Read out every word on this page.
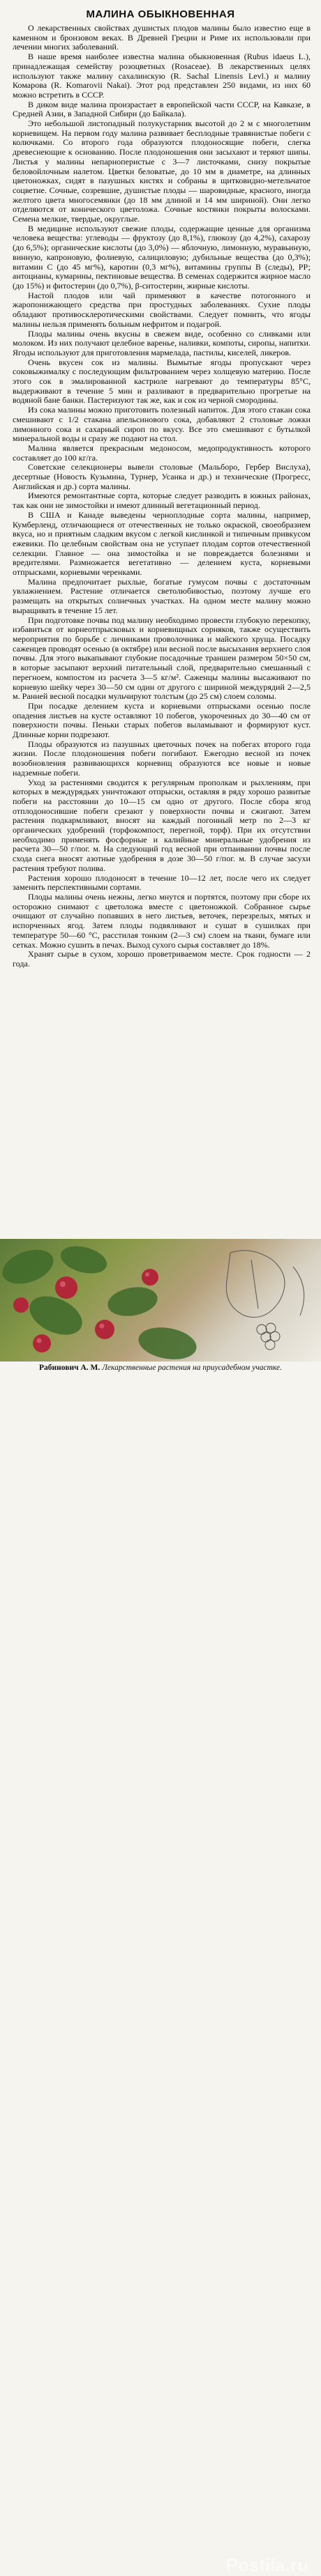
МАЛИНА ОБЫКНОВЕННАЯ

О лекарственных свойствах душистых плодов малины было известно еще в каменном и бронзовом веках. В Древней Греции и Риме их использовали при лечении многих заболеваний.

В наше время наиболее известна малина обыкновенная (Rubus idaeus L.), принадлежащая семейству розоцветных (Rosaceae). В лекарственных целях используют также малину сахалинскую (R. Sachal Linensis Levl.) и малину Комарова (R. Komarovii Nakai). Этот род представлен 250 видами, из них 60 можно встретить в СССР.

В диком виде малина произрастает в европейской части СССР, на Кавказе, в Средней Азии, в Западной Сибири (до Байкала).

Это небольшой листопадный полукустарник высотой до 2 м с многолетним корневищем. На первом году малина развивает бесплодные травянистые побеги с колючками. Со второго года образуются плодоносящие побеги, слегка древеснеющие к основанию. После плодоношения они засыхают и теряют шипы. Листья у малины непарноперистые с 3—7 листочками, снизу покрытые беловойлочным налетом. Цветки беловатые, до 10 мм в диаметре, на длинных цветоножках, сидят в пазушных кистях и собраны в щитковидно-метельчатое соцветие. Сочные, созревшие, душистые плоды — шаровидные, красного, иногда желтого цвета многосемянки (до 18 мм длиной и 14 мм шириной). Они легко отделяются от конического цветоложа. Сочные костянки покрыты волосками. Семена мелкие, твердые, округлые.

В медицине используют свежие плоды, содержащие ценные для организма человека вещества: углеводы — фруктозу (до 8,1%), глюкозу (до 4,2%), сахарозу (до 6,5%); органические кислоты (до 3,0%) — яблочную, лимонную, муравьиную, винную, капроновую, фолиевую, салициловую; дубильные вещества (до 0,3%); витамин С (до 45 мг%), каротин (0,3 мг%), витамины группы В (следы), РР; антоцианы, кумарины, пектиновые вещества. В семенах содержится жирное масло (до 15%) и фитостерин (до 0,7%), β-ситостерин, жирные кислоты.

Настой плодов или чай применяют в качестве потогонного и жаропонижающего средства при простудных заболеваниях. Сухие плоды обладают противосклеротическими свойствами. Следует помнить, что ягоды малины нельзя применять больным нефритом и подагрой.

Плоды малины очень вкусны в свежем виде, особенно со сливками или молоком. Из них получают целебное варенье, наливки, компоты, сиропы, напитки. Ягоды используют для приготовления мармелада, пастилы, киселей, ликеров.

Очень вкусен сок из малины. Вымытые ягоды пропускают через соковыжималку с последующим фильтрованием через холщевую материю. После этого сок в эмалированной кастрюле нагревают до температуры 85°С, выдерживают в течение 5 мин и разливают в предварительно прогретые на водяной бане банки. Пастеризуют так же, как и сок из черной смородины.

Из сока малины можно приготовить полезный напиток. Для этого стакан сока смешивают с 1/2 стакана апельсинового сока, добавляют 2 столовые ложки лимонного сока и сахарный сироп по вкусу. Все это смешивают с бутылкой минеральной воды и сразу же подают на стол.

Малина является прекрасным медоносом, медопродуктивность которого составляет до 100 кг/га.

Советские селекционеры вывели столовые (Мальборо, Гербер Вислуха), десертные (Новость Кузьмина, Турнер, Усанка и др.) и технические (Прогресс, Английская и др.) сорта малины.

Имеются ремонтантные сорта, которые следует разводить в южных районах, так как они не зимостойки и имеют длинный вегетационный период.

В США и Канаде выведены черноплодные сорта малины, например, Кумберленд, отличающиеся от отечественных не только окраской, своеобразием вкуса, но и приятным сладким вкусом с легкой кислинкой и типичным привкусом ежевики. По целебным свойствам она не уступает плодам сортов отечественной селекции. Главное — она зимостойка и не повреждается болезнями и вредителями. Размножается вегетативно — делением куста, корневыми отпрысками, корневыми черенками.

Малина предпочитает рыхлые, богатые гумусом почвы с достаточным увлажнением. Растение отличается светолюбивостью, поэтому лучше его размещать на открытых солнечных участках. На одном месте малину можно выращивать в течение 15 лет.

При подготовке почвы под малину необходимо провести глубокую перекопку, избавиться от корнеотпрысковых и корневищных сорняков, также осуществить мероприятия по борьбе с личинками проволочника и майского хруща. Посадку саженцев проводят осенью (в октябре) или весной после высыхания верхнего слоя почвы. Для этого выкапывают глубокие посадочные траншеи размером 50×50 см, в которые засыпают верхний питательный слой, предварительно смешанный с перегноем, компостом из расчета 3—5 кг/м². Саженцы малины высаживают по корневую шейку через 30—50 см один от другого с шириной междурядий 2—2,5 м. Ранней весной посадки мульчируют толстым (до 25 см) слоем соломы.

При посадке делением куста и корневыми отпрысками осенью после опадения листьев на кусте оставляют 10 побегов, укороченных до 30—40 см от поверхности почвы. Пеньки старых побегов выламывают и формируют куст. Длинные корни подрезают.

Плоды образуются из пазушных цветочных почек на побегах второго года жизни. После плодоношения побеги погибают. Ежегодно весной из почек возобновления развивающихся корневищ образуются все новые и новые надземные побеги.

Уход за растениями сводится к регулярным прополкам и рыхлениям, при которых в междурядьях уничтожают отпрыски, оставляя в ряду хорошо развитые побеги на расстоянии до 10—15 см одно от другого. После сбора ягод отплодоносившие побеги срезают у поверхности почвы и сжигают. Затем растения подкармливают, вносят на каждый погонный метр по 2—3 кг органических удобрений (торфокомпост, перегной, торф). При их отсутствии необходимо применять фосфорные и калийные минеральные удобрения из расчета 30—50 г/пог. м. На следующий год весной при отпаивании почвы после схода снега вносят азотные удобрения в дозе 30—50 г/пог. м. В случае засухи растения требуют полива.

Растения хорошо плодоносят в течение 10—12 лет, после чего их следует заменить перспективными сортами.

Плоды малины очень нежны, легко мнутся и портятся, поэтому при сборе их осторожно снимают с цветоложа вместе с цветоножкой. Собранное сырье очищают от случайно попавших в него листьев, веточек, перезрелых, мятых и испорченных ягод. Затем плоды подвяливают и сушат в сушилках при температуре 50—60 °С, расстилая тонким (2—3 см) слоем на ткани, бумаге или сетках. Можно сушить в печах. Выход сухого сырья составляет до 18%.

Хранят сырье в сухом, хорошо проветриваемом месте. Срок годности — 2 года.

Postila.ru
Рабинович А. М. Лекарственные растения на приусадебном участке.
